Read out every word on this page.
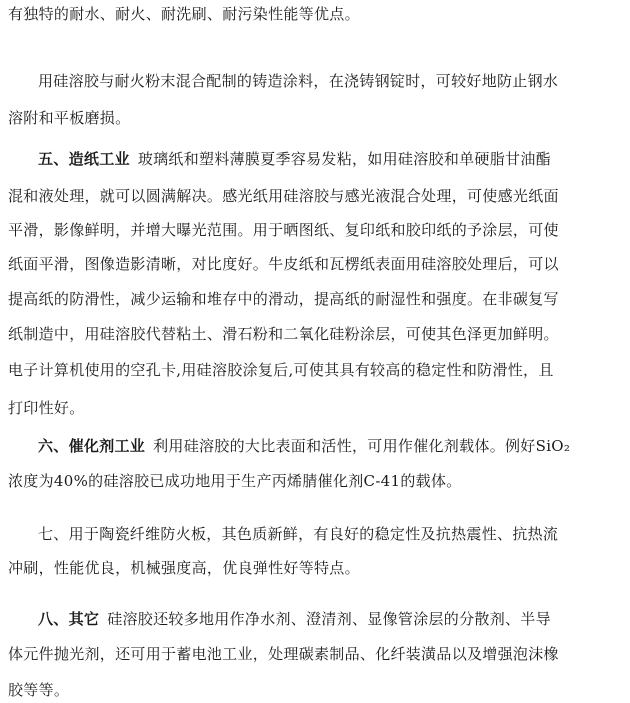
有独特的耐水、耐火、耐洗刷、耐污染性能等优点。
用硅溶胶与耐火粉末混合配制的铸造涂料，在浇铸钢锭时，可较好地防止钢水
溶附和平板磨损。
五、造纸工业 玻璃纸和塑料薄膜夏季容易发粘，如用硅溶胶和单硬脂甘油酯
混和液处理，就可以圆满解决。感光纸用硅溶胶与感光液混合处理，可使感光纸面
平滑，影像鲜明，并增大曝光范围。用于晒图纸、复印纸和胶印纸的予涂层，可使
纸面平滑，图像造影清晰，对比度好。牛皮纸和瓦楞纸表面用硅溶胶处理后，可以
提高纸的防滑性，减少运输和堆存中的滑动，提高纸的耐湿性和强度。在非碳复写
纸制造中，用硅溶胶代替粘土、滑石粉和二氧化硅粉涂层，可使其色泽更加鲜明。
电子计算机使用的空孔卡,用硅溶胶涂复后,可使其具有较高的稳定性和防滑性，且
打印性好。
六、催化剂工业 利用硅溶胶的大比表面和活性，可用作催化剂载体。例好SiO₂
浓度为40%的硅溶胶已成功地用于生产丙烯腈催化剂C-41的载体。
七、用于陶瓷纤维防火板，其色质新鲜，有良好的稳定性及抗热震性、抗热流
冲刷，性能优良，机械强度高，优良弹性好等特点。
八、其它 硅溶胶还较多地用作净水剂、澄清剂、显像管涂层的分散剂、半导
体元件抛光剂，还可用于蓄电池工业，处理碳素制品、化纤装潢品以及增强泡沫橡
胶等等。
